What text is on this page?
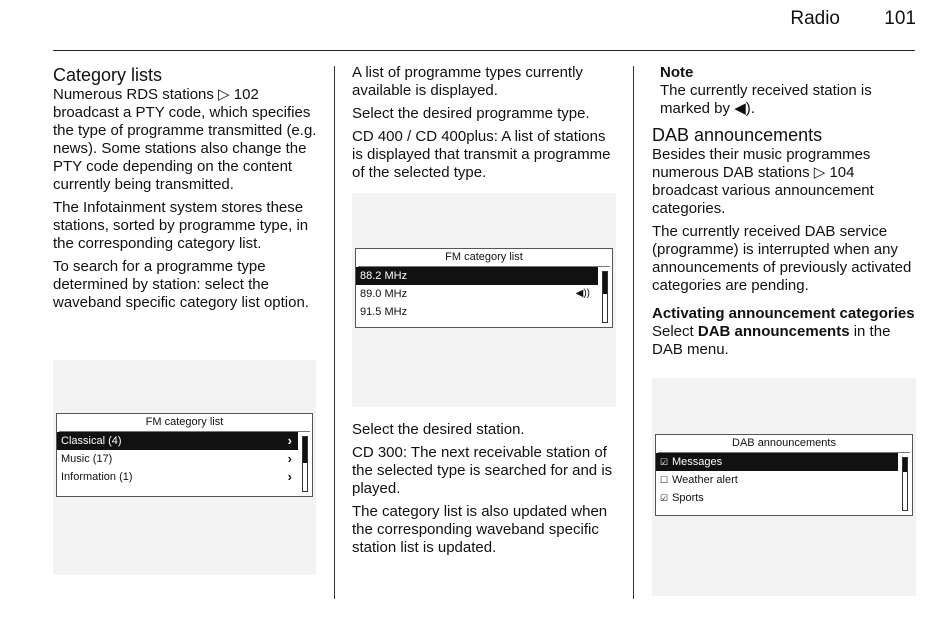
Radio 101
Category lists

Numerous RDS stations ▷ 102 broadcast a PTY code, which specifies the type of programme transmitted (e.g. news). Some stations also change the PTY code depending on the content currently being transmitted.

The Infotainment system stores these stations, sorted by programme type, in the corresponding category list.

To search for a programme type determined by station: select the waveband specific category list option.

FM category list
Classical (4)	›
Music (17)	›
Information (1)	›

A list of programme types currently available is displayed.

Select the desired programme type.

CD 400 / CD 400plus: A list of stations is displayed that transmit a programme of the selected type.

FM category list
88.2 MHz
89.0 MHz	◀))
91.5 MHz

Select the desired station.

CD 300: The next receivable station of the selected type is searched for and is played.

The category list is also updated when the corresponding waveband specific station list is updated.

Note

The currently received station is marked by ◀).

DAB announcements

Besides their music programmes numerous DAB stations ▷ 104 broadcast various announcement categories.

The currently received DAB service (programme) is interrupted when any announcements of previously activated categories are pending.

Activating announcement categories

Select DAB announcements in the DAB menu.

DAB announcements
☑ Messages
☐ Weather alert
☑ Sports
